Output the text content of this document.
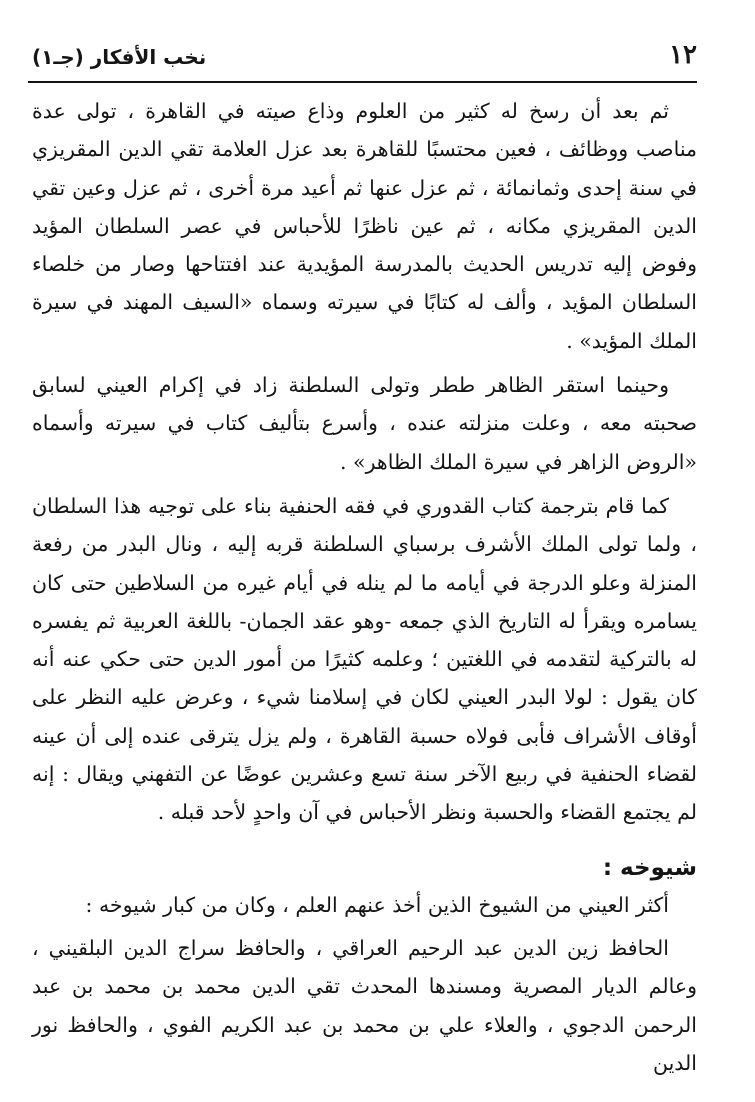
١٢
نخب الأفكار (جـ١)

ثم بعد أن رسخ له كثير من العلوم وذاع صيته في القاهرة ، تولى عدة مناصب ووظائف ، فعين محتسبًا للقاهرة بعد عزل العلامة تقي الدين المقريزي في سنة إحدى وثمانمائة ، ثم عزل عنها ثم أعيد مرة أخرى ، ثم عزل وعين تقي الدين المقريزي مكانه ، ثم عين ناظرًا للأحباس في عصر السلطان المؤيد وفوض إليه تدريس الحديث بالمدرسة المؤيدية عند افتتاحها وصار من خلصاء السلطان المؤيد ، وألف له كتابًا في سيرته وسماه «السيف المهند في سيرة الملك المؤيد» .

وحينما استقر الظاهر ططر وتولى السلطنة زاد في إكرام العيني لسابق صحبته معه ، وعلت منزلته عنده ، وأسرع بتأليف كتاب في سيرته وأسماه «الروض الزاهر في سيرة الملك الظاهر» .

كما قام بترجمة كتاب القدوري في فقه الحنفية بناء على توجيه هذا السلطان ، ولما تولى الملك الأشرف برسباي السلطنة قربه إليه ، ونال البدر من رفعة المنزلة وعلو الدرجة في أيامه ما لم ينله في أيام غيره من السلاطين حتى كان يسامره ويقرأ له التاريخ الذي جمعه -وهو عقد الجمان- باللغة العربية ثم يفسره له بالتركية لتقدمه في اللغتين ؛ وعلمه كثيرًا من أمور الدين حتى حكي عنه أنه كان يقول : لولا البدر العيني لكان في إسلامنا شيء ، وعرض عليه النظر على أوقاف الأشراف فأبى فولاه حسبة القاهرة ، ولم يزل يترقى عنده إلى أن عينه لقضاء الحنفية في ربيع الآخر سنة تسع وعشرين عوضًا عن التفهني ويقال : إنه لم يجتمع القضاء والحسبة ونظر الأحباس في آن واحدٍ لأحد قبله .

شيوخه :

أكثر العيني من الشيوخ الذين أخذ عنهم العلم ، وكان من كبار شيوخه :

الحافظ زين الدين عبد الرحيم العراقي ، والحافظ سراج الدين البلقيني ، وعالم الديار المصرية ومسندها المحدث تقي الدين محمد بن محمد بن عبد الرحمن الدجوي ، والعلاء علي بن محمد بن عبد الكريم الفوي ، والحافظ نور الدين
